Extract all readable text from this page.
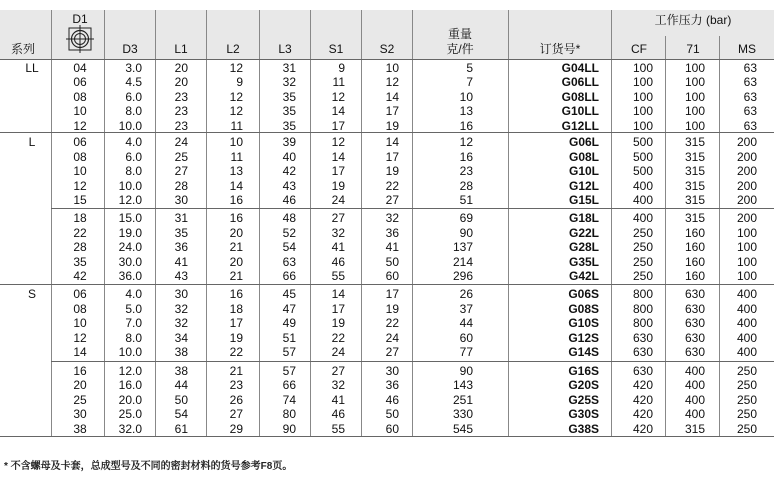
系列
D1
D3	L1	L2	L3	S1	S2
重量
克/件	订货号*
工作压力 (bar)
CF	71	MS
LL	04	3.0	20	12	31	9	10	5	G04LL	100	100	63
06	4.5	20	9	32	11	12	7	G06LL	100	100	63
08	6.0	23	12	35	12	14	10	G08LL	100	100	63
10	8.0	23	12	35	14	17	13	G10LL	100	100	63
12	10.0	23	11	35	17	19	16	G12LL	100	100	63
L	06	4.0	24	10	39	12	14	12	G06L	500	315	200
08	6.0	25	11	40	14	17	16	G08L	500	315	200
10	8.0	27	13	42	17	19	23	G10L	500	315	200
12	10.0	28	14	43	19	22	28	G12L	400	315	200
15	12.0	30	16	46	24	27	51	G15L	400	315	200
18	15.0	31	16	48	27	32	69	G18L	400	315	200
22	19.0	35	20	52	32	36	90	G22L	250	160	100
28	24.0	36	21	54	41	41	137	G28L	250	160	100
35	30.0	41	20	63	46	50	214	G35L	250	160	100
42	36.0	43	21	66	55	60	296	G42L	250	160	100
S	06	4.0	30	16	45	14	17	26	G06S	800	630	400
08	5.0	32	18	47	17	19	37	G08S	800	630	400
10	7.0	32	17	49	19	22	44	G10S	800	630	400
12	8.0	34	19	51	22	24	60	G12S	630	630	400
14	10.0	38	22	57	24	27	77	G14S	630	630	400
16	12.0	38	21	57	27	30	90	G16S	630	400	250
20	16.0	44	23	66	32	36	143	G20S	420	400	250
25	20.0	50	26	74	41	46	251	G25S	420	400	250
30	25.0	54	27	80	46	50	330	G30S	420	400	250
38	32.0	61	29	90	55	60	545	G38S	420	315	250
* 不含螺母及卡套，总成型号及不同的密封材料的货号参考F8页。
